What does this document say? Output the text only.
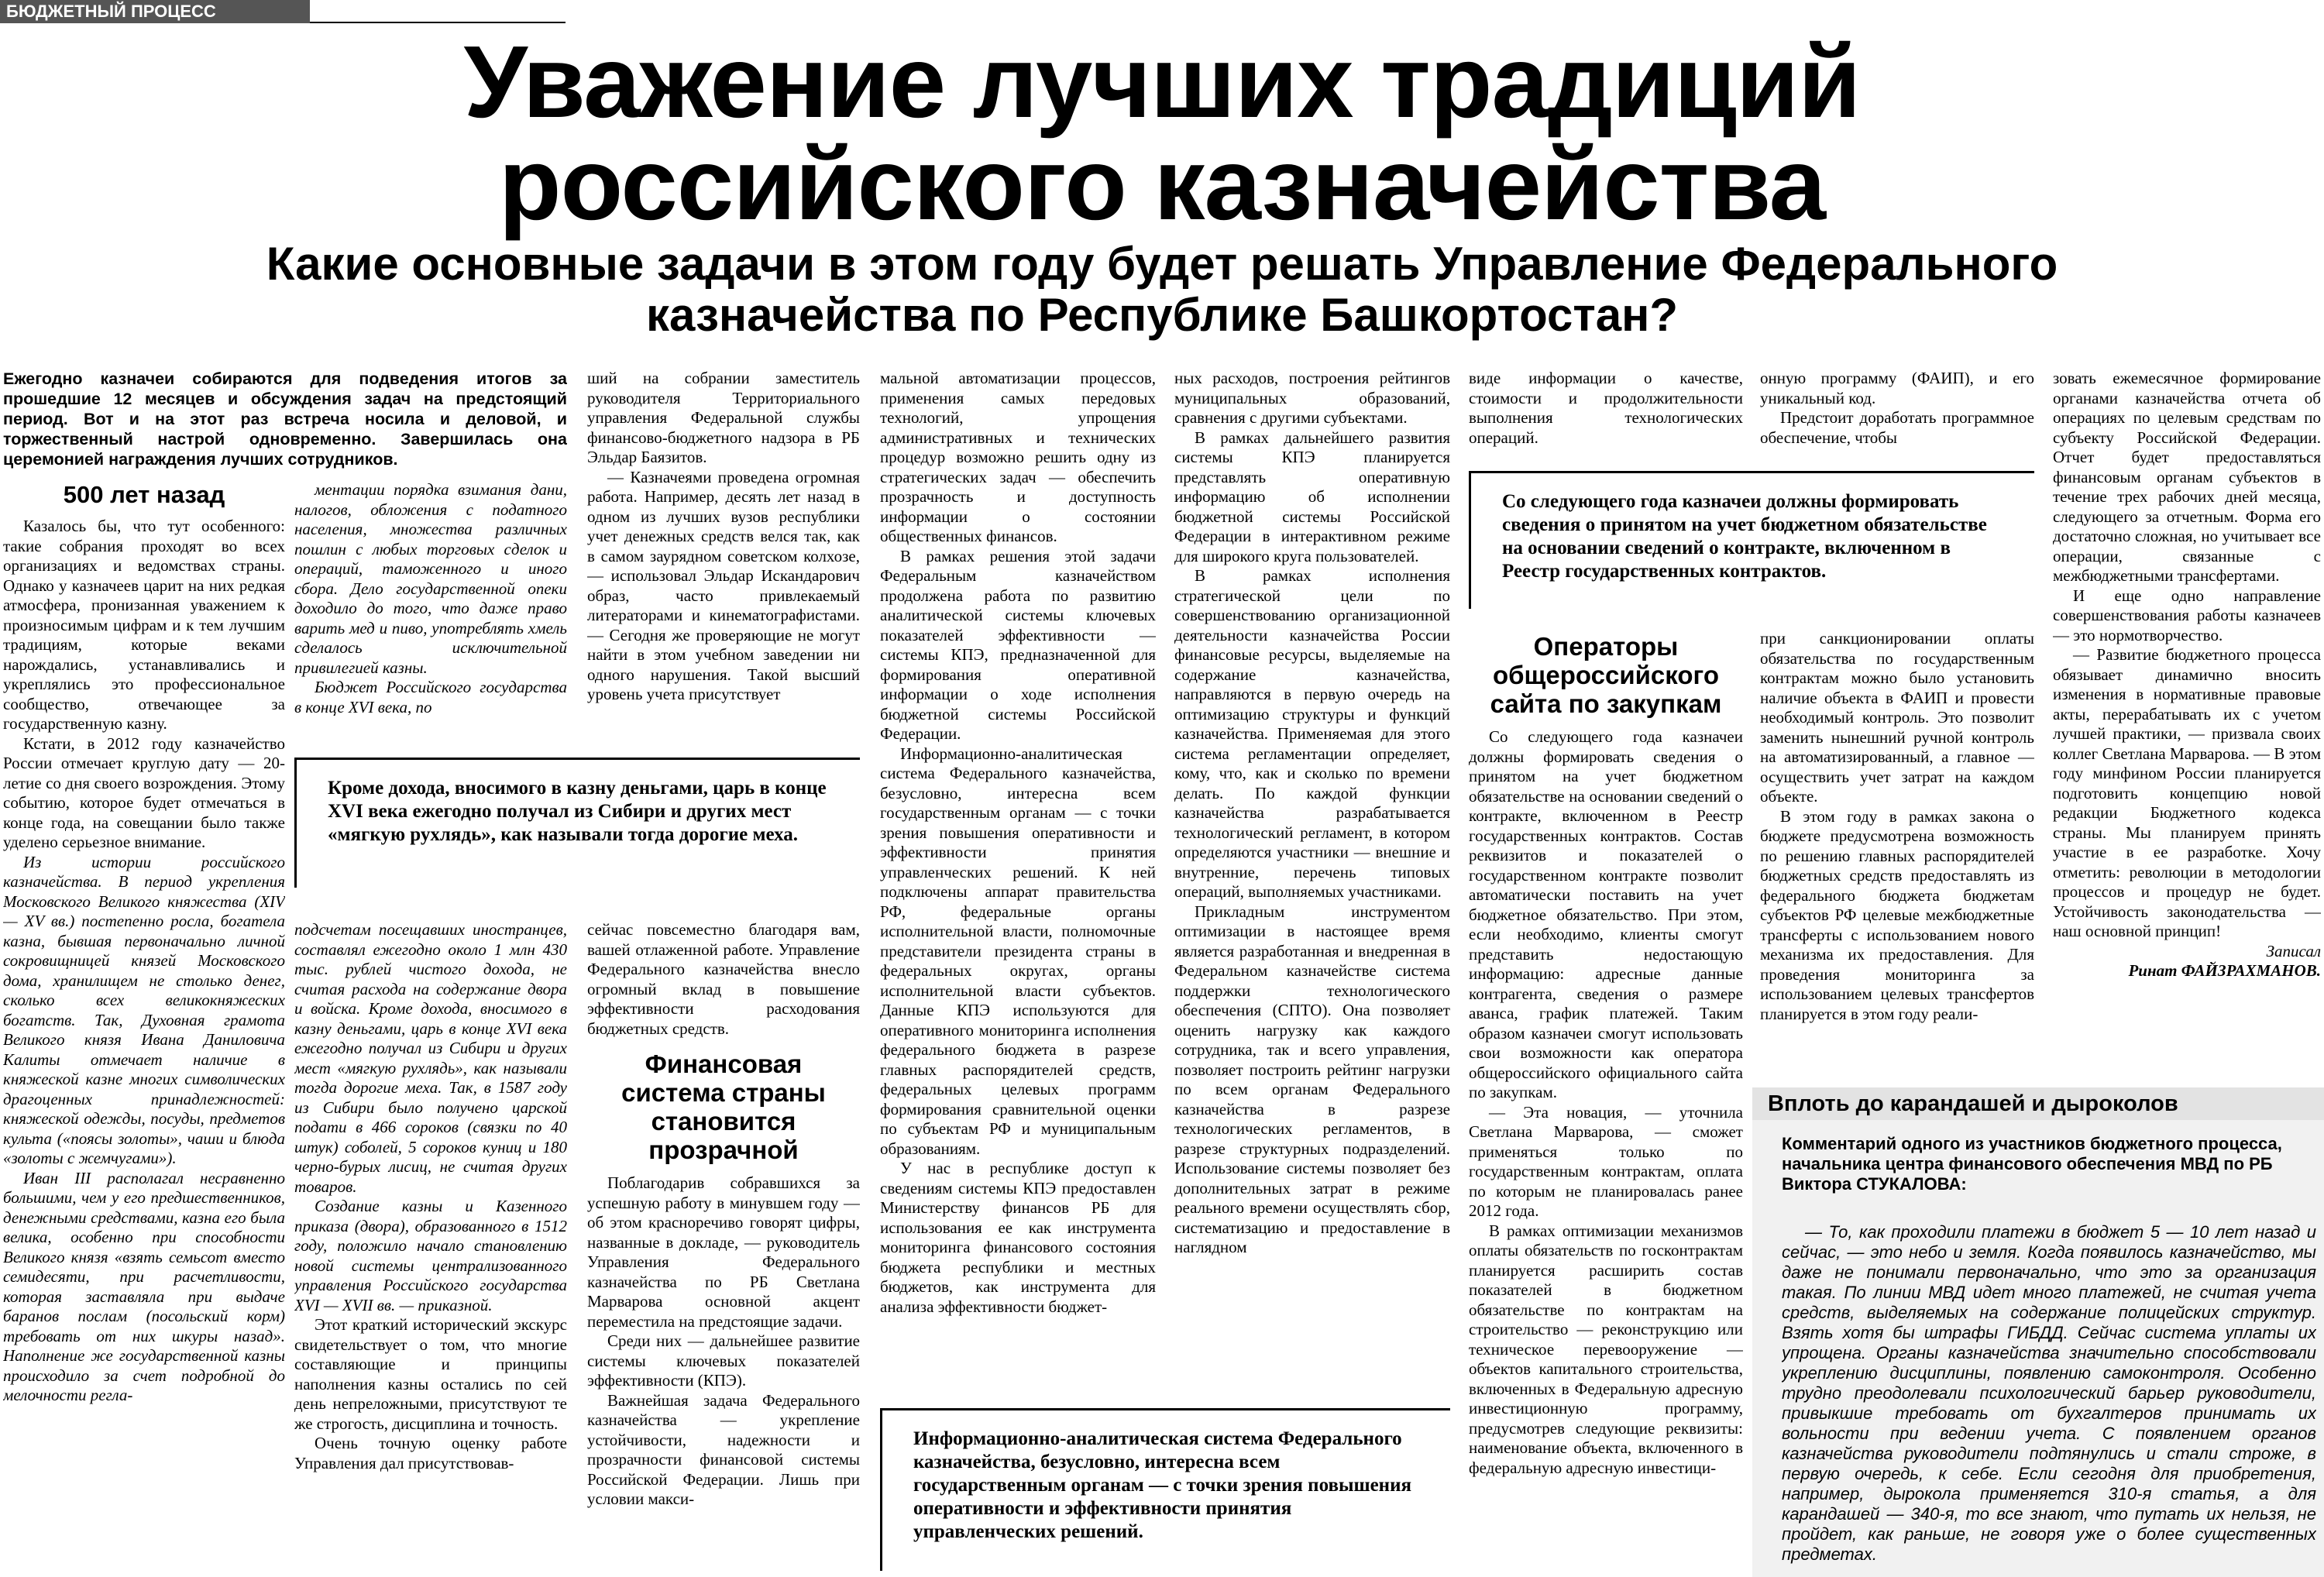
БЮДЖЕТНЫЙ ПРОЦЕСС
Уважение лучших традиций
российского казначейства
Какие основные задачи в этом году будет решать Управление Федерального
казначейства по Республике Башкортостан?

Ежегодно казначеи собираются для подведения итогов за прошедшие 12 месяцев и обсуждения задач на предстоящий период. Вот и на этот раз встреча носила и деловой, и торжественный настрой одновременно. Завершилась она церемонией награждения лучших сотрудников.

500 лет назад

Казалось бы, что тут особенного: такие собрания проходят во всех организациях и ведомствах страны. Однако у казначеев царит на них редкая атмосфера, пронизанная уважением к произносимым цифрам и к тем лучшим традициям, которые веками нарождались, устанавливались и укреплялись это профессиональное сообщество, отвечающее за государственную казну.

Кстати, в 2012 году казначейство России отмечает круглую дату — 20-летие со дня своего возрождения. Этому событию, которое будет отмечаться в конце года, на совещании было также уделено серьезное внимание.

Из истории российского казначейства. В период укрепления Московского Великого княжества (XIV — XV вв.) постепенно росла, богатела казна, бывшая первоначально личной сокровищницей князей Московского дома, хранилищем не столько денег, сколько всех великокняжеских богатств. Так, Духовная грамота Великого князя Ивана Даниловича Калиты отмечает наличие в княжеской казне многих символических драгоценных принадлежностей: княжеской одежды, посуды, предметов культа («поясы золоты», чаши и блюда «золоты с жемчугами»).

Иван III располагал несравненно большими, чем у его предшественников, денежными средствами, казна его была велика, особенно при способности Великого князя «взять семьсот вместо семидесяти, при расчетливости, которая заставляла при выдаче баранов послам (посольский корм) требовать от них шкуры назад». Наполнение же государственной казны происходило за счет подробной до мелочности регла-

ментации порядка взимания дани, налогов, обложения с податного населения, множества различных пошлин с любых торговых сделок и операций, таможенного и иного сбора. Дело государственной опеки доходило до того, что даже право варить мед и пиво, употреблять хмель сделалось исключительной привилегией казны.

Бюджет Российского государства в конце XVI века, по

ший на собрании заместитель руководителя Территориального управления Федеральной службы финансово-бюджетного надзора в РБ Эльдар Баязитов.

— Казначеями проведена огромная работа. Например, десять лет назад в одном из лучших вузов республики учет денежных средств велся так, как в самом заурядном советском колхозе, — использовал Эльдар Искандарович образ, часто привлекаемый литераторами и кинематографистами. — Сегодня же проверяющие не могут найти в этом учебном заведении ни одного нарушения. Такой высший уровень учета присутствует

Кроме дохода, вносимого в казну деньгами, царь в конце XVI века ежегодно получал из Сибири и других мест «мягкую рухлядь», как называли тогда дорогие меха.

подсчетам посещавших иностранцев, составлял ежегодно около 1 млн 430 тыс. рублей чистого дохода, не считая расхода на содержание двора и войска. Кроме дохода, вносимого в казну деньгами, царь в конце XVI века ежегодно получал из Сибири и других мест «мягкую рухлядь», как называли тогда дорогие меха. Так, в 1587 году из Сибири было получено царской подати в 466 сороков (связки по 40 штук) соболей, 5 сороков куниц и 180 черно-бурых лисиц, не считая других товаров.

Создание казны и Казенного приказа (двора), образованного в 1512 году, положило начало становлению новой системы централизованного управления Российского государства XVI — XVII вв. — приказной.

Этот краткий исторический экскурс свидетельствует о том, что многие составляющие и принципы наполнения казны остались по сей день непреложными, присутствуют те же строгость, дисциплина и точность.

Очень точную оценку работе Управления дал присутствовав-

сейчас повсеместно благодаря вам, вашей отлаженной работе. Управление Федерального казначейства внесло огромный вклад в повышение эффективности расходования бюджетных средств.

Финансовая система страны становится прозрачной

Поблагодарив собравшихся за успешную работу в минувшем году — об этом красноречиво говорят цифры, названные в докладе, — руководитель Управления Федерального казначейства по РБ Светлана Марварова основной акцент переместила на предстоящие задачи.

Среди них — дальнейшее развитие системы ключевых показателей эффективности (КПЭ).

Важнейшая задача Федерального казначейства — укрепление устойчивости, надежности и прозрачности финансовой системы Российской Федерации. Лишь при условии макси-

мальной автоматизации процессов, применения самых передовых технологий, упрощения административных и технических процедур возможно решить одну из стратегических задач — обеспечить прозрачность и доступность информации о состоянии общественных финансов.

В рамках решения этой задачи Федеральным казначейством продолжена работа по развитию аналитической системы ключевых показателей эффективности — системы КПЭ, предназначенной для формирования оперативной информации о ходе исполнения бюджетной системы Российской Федерации.

Информационно-аналитическая система Федерального казначейства, безусловно, интересна всем государственным органам — с точки зрения повышения оперативности и эффективности принятия управленческих решений. К ней подключены аппарат правительства РФ, федеральные органы исполнительной власти, полномочные представители президента страны в федеральных округах, органы исполнительной власти субъектов. Данные КПЭ используются для оперативного мониторинга исполнения федерального бюджета в разрезе главных распорядителей средств, федеральных целевых программ формирования сравнительной оценки по субъектам РФ и муниципальным образованиям.

У нас в республике доступ к сведениям системы КПЭ предоставлен Министерству финансов РБ для использования ее как инструмента мониторинга финансового состояния бюджета республики и местных бюджетов, как инструмента для анализа эффективности бюджет-

ных расходов, построения рейтингов муниципальных образований, сравнения с другими субъектами.

В рамках дальнейшего развития системы КПЭ планируется представлять оперативную информацию об исполнении бюджетной системы Российской Федерации в интерактивном режиме для широкого круга пользователей.

В рамках исполнения стратегической цели по совершенствованию организационной деятельности казначейства России финансовые ресурсы, выделяемые на содержание казначейства, направляются в первую очередь на оптимизацию структуры и функций казначейства. Применяемая для этого система регламентации определяет, кому, что, как и сколько по времени делать. По каждой функции казначейства разрабатывается технологический регламент, в котором определяются участники — внешние и внутренние, перечень типовых операций, выполняемых участниками.

Прикладным инструментом оптимизации в настоящее время является разработанная и внедренная в Федеральном казначействе система поддержки технологического обеспечения (СПТО). Она позволяет оценить нагрузку как каждого сотрудника, так и всего управления, позволяет построить рейтинг нагрузки по всем органам Федерального казначейства в разрезе технологических регламентов, в разрезе структурных подразделений. Использование системы позволяет без дополнительных затрат в режиме реального времени осуществлять сбор, систематизацию и предоставление в наглядном

Информационно-аналитическая система Федерального казначейства, безусловно, интересна всем государственным органам — с точки зрения повышения оперативности и эффективности принятия управленческих решений.

виде информации о качестве, стоимости и продолжительности выполнения технологических операций.

онную программу (ФАИП), и его уникальный код.

Предстоит доработать программное обеспечение, чтобы

Со следующего года казначеи должны формировать сведения о принятом на учет бюджетном обязательстве на основании сведений о контракте, включенном в Реестр государственных контрактов.
Операторы общероссийского сайта по закупкам

Со следующего года казначеи должны формировать сведения о принятом на учет бюджетном обязательстве на основании сведений о контракте, включенном в Реестр государственных контрактов. Состав реквизитов и показателей о государственном контракте позволит автоматически поставить на учет бюджетное обязательство. При этом, если необходимо, клиенты смогут представить недостающую информацию: адресные данные контрагента, сведения о размере аванса, график платежей. Таким образом казначеи смогут использовать свои возможности как оператора общероссийского официального сайта по закупкам.

— Эта новация, — уточнила Светлана Марварова, — сможет применяться только по государственным контрактам, оплата по которым не планировалась ранее 2012 года.

В рамках оптимизации механизмов оплаты обязательств по госконтрактам планируется расширить состав показателей в бюджетном обязательстве по контрактам на строительство — реконструкцию или техническое перевооружение — объектов капитального строительства, включенных в Федеральную адресную инвестиционную программу, предусмотрев следующие реквизиты: наименование объекта, включенного в федеральную адресную инвестици-

при санкционировании оплаты обязательства по государственным контрактам можно было установить наличие объекта в ФАИП и провести необходимый контроль. Это позволит заменить нынешний ручной контроль на автоматизированный, а главное — осуществить учет затрат на каждом объекте.

В этом году в рамках закона о бюджете предусмотрена возможность по решению главных распорядителей бюджетных средств предоставлять из федерального бюджета бюджетам субъектов РФ целевые межбюджетные трансферты с использованием нового механизма их предоставления. Для проведения мониторинга за использованием целевых трансфертов планируется в этом году реали-

зовать ежемесячное формирование органами казначейства отчета об операциях по целевым средствам по субъекту Российской Федерации. Отчет будет предоставляться финансовым органам субъектов в течение трех рабочих дней месяца, следующего за отчетным. Форма его достаточно сложная, но учитывает все операции, связанные с межбюджетными трансфертами.

И еще одно направление совершенствования работы казначеев — это нормотворчество.

— Развитие бюджетного процесса обязывает динамично вносить изменения в нормативные правовые акты, перерабатывать их с учетом лучшей практики, — призвала своих коллег Светлана Марварова. — В этом году минфином России планируется подготовить концепцию новой редакции Бюджетного кодекса страны. Мы планируем принять участие в ее разработке. Хочу отметить: революции в методологии процессов и процедур не будет. Устойчивость законодательства — наш основной принцип!

Записал

Ринат ФАЙЗРАХМАНОВ.

Вплоть до карандашей и дыроколов

Комментарий одного из участников бюджетного процесса, начальника центра финансового обеспечения МВД по РБ Виктора СТУКАЛОВА:

— То, как проходили платежи в бюджет 5 — 10 лет назад и сейчас, — это небо и земля. Когда появилось казначейство, мы даже не понимали первоначально, что это за организация такая. По линии МВД идет много платежей, не считая учета средств, выделяемых на содержание полицейских структур. Взять хотя бы штрафы ГИБДД. Сейчас система уплаты их упрощена. Органы казначейства значительно способствовали укреплению дисциплины, появлению самоконтроля. Особенно трудно преодолевали психологический барьер руководители, привыкшие требовать от бухгалтеров принимать их вольности при ведении учета. С появлением органов казначейства руководители подтянулись и стали строже, в первую очередь, к себе. Если сегодня для приобретения, например, дырокола применяется 310-я статья, а для карандашей — 340-я, то все знают, что путать их нельзя, не пройдет, как раньше, не говоря уже о более существенных предметах.
